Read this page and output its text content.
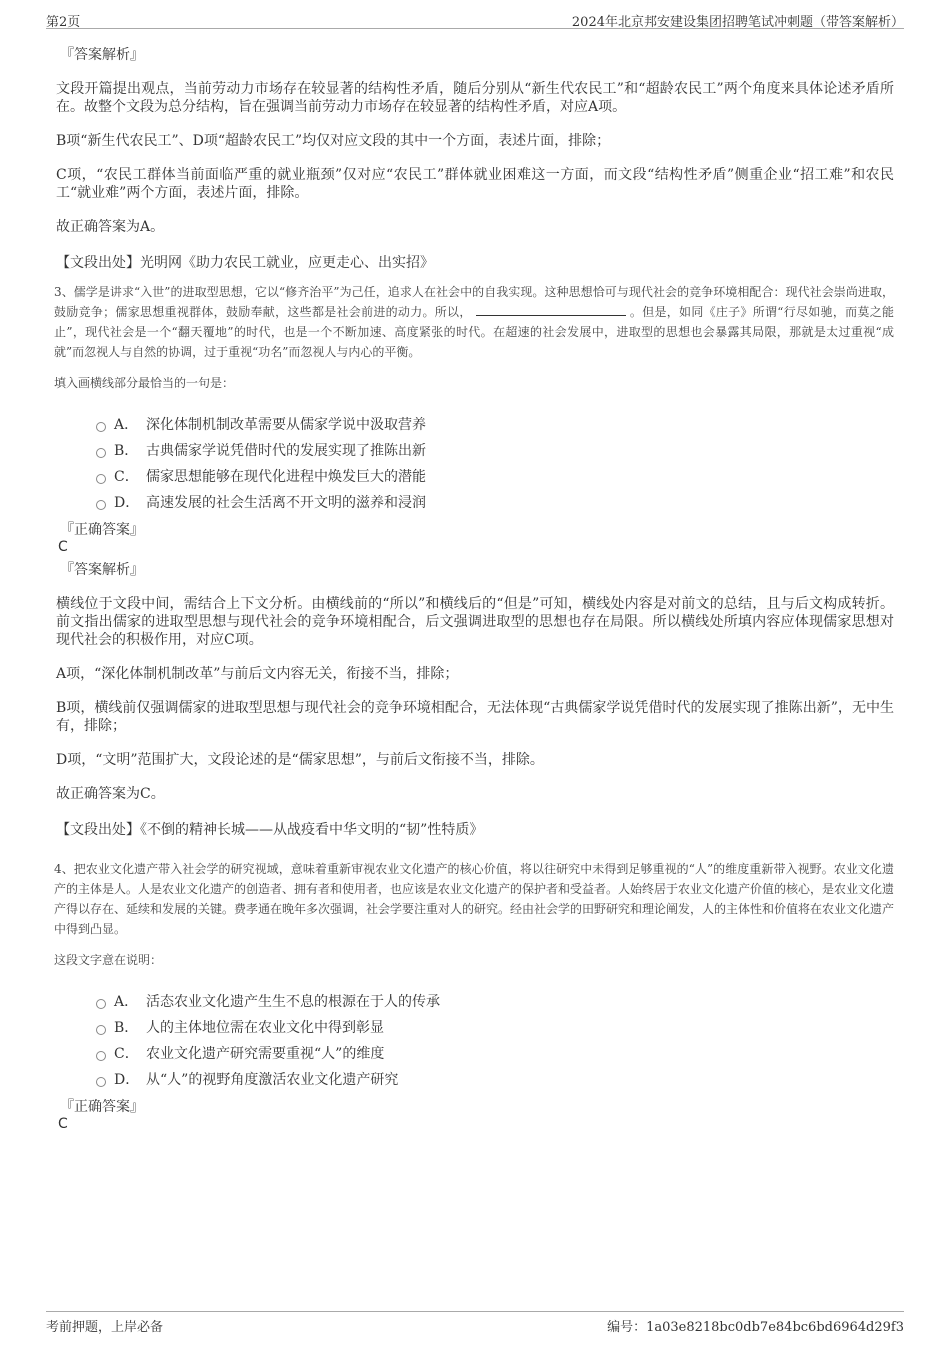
第2页	2024年北京邦安建设集团招聘笔试冲刺题（带答案解析）
『答案解析』
文段开篇提出观点，当前劳动力市场存在较显著的结构性矛盾，随后分别从“新生代农民工”和“超龄农民工”两个角度来具体论述矛盾所在。故整个文段为总分结构，旨在强调当前劳动力市场存在较显著的结构性矛盾，对应A项。
B项“新生代农民工”、D项“超龄农民工”均仅对应文段的其中一个方面，表述片面，排除；
C项，“农民工群体当前面临严重的就业瓶颈”仅对应“农民工”群体就业困难这一方面，而文段“结构性矛盾”侧重企业“招工难”和农民工“就业难”两个方面，表述片面，排除。
故正确答案为A。
【文段出处】光明网《助力农民工就业，应更走心、出实招》
3、儒学是讲求“入世”的进取型思想，它以“修齐治平”为己任，追求人在社会中的自我实现。这种思想恰可与现代社会的竞争环境相配合：现代社会崇尚进取，鼓励竞争；儒家思想重视群体，鼓励奉献，这些都是社会前进的动力。所以，	。但是，如同《庄子》所谓“行尽如驰，而莫之能止”，现代社会是一个“翻天覆地”的时代，也是一个不断加速、高度紧张的时代。在超速的社会发展中，进取型的思想也会暴露其局限，那就是太过重视“成就”而忽视人与自然的协调，过于重视“功名”而忽视人与内心的平衡。
填入画横线部分最恰当的一句是：
A． 深化体制机制改革需要从儒家学说中汲取营养
B． 古典儒家学说凭借时代的发展实现了推陈出新
C． 儒家思想能够在现代化进程中焕发巨大的潜能
D． 高速发展的社会生活离不开文明的滋养和浸润
『正确答案』
C
『答案解析』
横线位于文段中间，需结合上下文分析。由横线前的“所以”和横线后的“但是”可知，横线处内容是对前文的总结，且与后文构成转折。前文指出儒家的进取型思想与现代社会的竞争环境相配合，后文强调进取型的思想也存在局限。所以横线处所填内容应体现儒家思想对现代社会的积极作用，对应C项。
A项，“深化体制机制改革”与前后文内容无关，衔接不当，排除；
B项，横线前仅强调儒家的进取型思想与现代社会的竞争环境相配合，无法体现“古典儒家学说凭借时代的发展实现了推陈出新”，无中生有，排除；
D项，“文明”范围扩大，文段论述的是“儒家思想”，与前后文衔接不当，排除。
故正确答案为C。
【文段出处】《不倒的精神长城——从战疫看中华文明的“韧”性特质》
4、把农业文化遗产带入社会学的研究视域，意味着重新审视农业文化遗产的核心价值，将以往研究中未得到足够重视的“人”的维度重新带入视野。农业文化遗产的主体是人。人是农业文化遗产的创造者、拥有者和使用者，也应该是农业文化遗产的保护者和受益者。人始终居于农业文化遗产价值的核心，是农业文化遗产得以存在、延续和发展的关键。费孝通在晚年多次强调，社会学要注重对人的研究。经由社会学的田野研究和理论阐发，人的主体性和价值将在农业文化遗产中得到凸显。
这段文字意在说明：
A． 活态农业文化遗产生生不息的根源在于人的传承
B． 人的主体地位需在农业文化中得到彰显
C． 农业文化遗产研究需要重视“人”的维度
D． 从“人”的视野角度激活农业文化遗产研究
『正确答案』
C
考前押题，上岸必备	编号：1a03e8218bc0db7e84bc6bd6964d29f3
